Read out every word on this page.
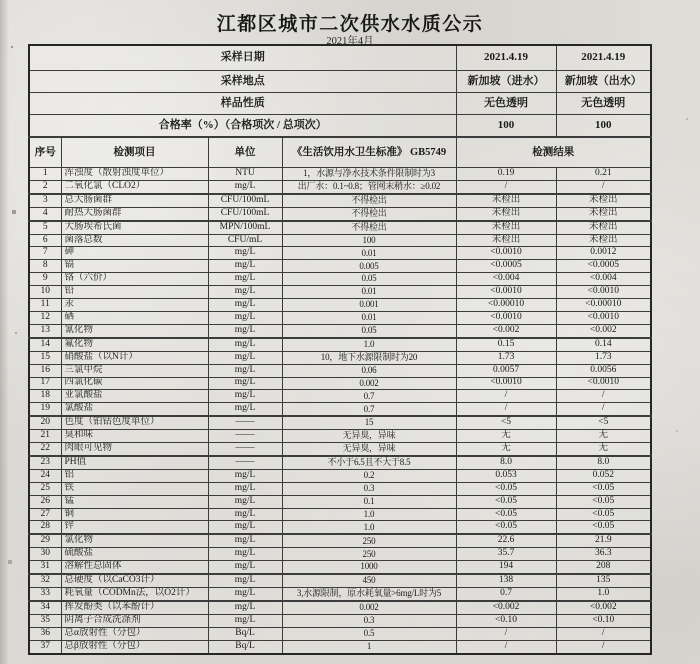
江都区城市二次供水水质公示
2021年4月
采样日期				2021.4.19	2021.4.19
采样地点				新加坡（进水）	新加坡（出水）
样品性质				无色透明	无色透明
合格率（%）（合格项次 / 总项次）				100	100
序号	检测项目	单位	《生活饮用水卫生标准》 GB5749	检测结果	
1	浑浊度（散射浊度单位）	NTU	1，水源与净水技术条件限制时为3	0.19	0.21
2	二氧化氯（CLO2）	mg/L	出厂水：0.1~0.8；管网末稍水：≥0.02	/	/
3	总大肠菌群	CFU/100mL	不得检出	未检出	未检出
4	耐热大肠菌群	CFU/100mL	不得检出	未检出	未检出
5	大肠埃希氏菌	MPN/100mL	不得检出	未检出	未检出
6	菌落总数	CFU/mL	100	未检出	未检出
7	砷	mg/L	0.01	<0.0010	0.0012
8	镉	mg/L	0.005	<0.0005	<0.0005
9	铬（六价）	mg/L	0.05	<0.004	<0.004
10	铅	mg/L	0.01	<0.0010	<0.0010
11	汞	mg/L	0.001	<0.00010	<0.00010
12	硒	mg/L	0.01	<0.0010	<0.0010
13	氰化物	mg/L	0.05	<0.002	<0.002
14	氟化物	mg/L	1.0	0.15	0.14
15	硝酸盐（以N计）	mg/L	10，地下水源限制时为20	1.73	1.73
16	三氯甲烷	mg/L	0.06	0.0057	0.0056
17	四氯化碳	mg/L	0.002	<0.0010	<0.0010
18	亚氯酸盐	mg/L	0.7	/	/
19	氯酸盐	mg/L	0.7	/	/
20	色度（铂钴色度单位）	——	15	<5	<5
21	臭和味	——	无异臭，异味	无	无
22	肉眼可见物	——	无异臭，异味	无	无
23	PH值	——	不小于6.5且不大于8.5	8.0	8.0
24	铝	mg/L	0.2	0.053	0.052
25	铁	mg/L	0.3	<0.05	<0.05
26	锰	mg/L	0.1	<0.05	<0.05
27	铜	mg/L	1.0	<0.05	<0.05
28	锌	mg/L	1.0	<0.05	<0.05
29	氯化物	mg/L	250	22.6	21.9
30	硫酸盐	mg/L	250	35.7	36.3
31	溶解性总固体	mg/L	1000	194	208
32	总硬度（以CaCO3计）	mg/L	450	138	135
33	耗氧量（CODMn法，以O2计）	mg/L	3,水源限制，原水耗氧量>6mg/L时为5	0.7	1.0
34	挥发酚类（以苯酚计）	mg/L	0.002	<0.002	<0.002
35	阴离子合成洗涤剂	mg/L	0.3	<0.10	<0.10
36	总α放射性（分包）	Bq/L	0.5	/	/
37	总β放射性（分包）	Bq/L	1	/	/
